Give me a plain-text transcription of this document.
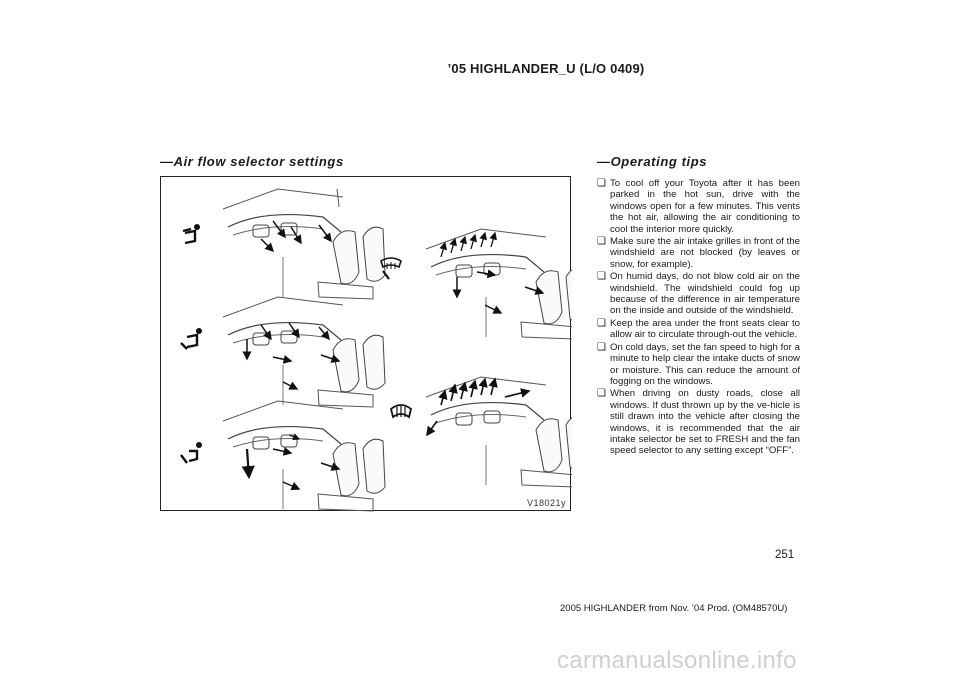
’05 HIGHLANDER_U (L/O 0409)
—Air flow selector settings	—Operating tips
V18021y
❑ To cool off your Toyota after it has been parked in the hot sun, drive with the windows open for a few minutes. This vents the hot air, allowing the air conditioning to cool the interior more quickly.
❑ Make sure the air intake grilles in front of the windshield are not blocked (by leaves or snow, for example).
❑ On humid days, do not blow cold air on the windshield. The windshield could fog up because of the difference in air temperature on the inside and outside of the windshield.
❑ Keep the area under the front seats clear to allow air to circulate through-out the vehicle.
❑ On cold days, set the fan speed to high for a minute to help clear the intake ducts of snow or moisture. This can reduce the amount of fogging on the windows.
❑ When driving on dusty roads, close all windows. If dust thrown up by the ve-hicle is still drawn into the vehicle after closing the windows, it is recommended that the air intake selector be set to FRESH and the fan speed selector to any setting except “OFF”.
251
2005 HIGHLANDER from Nov. ’04 Prod. (OM48570U)
carmanualsonline.info
